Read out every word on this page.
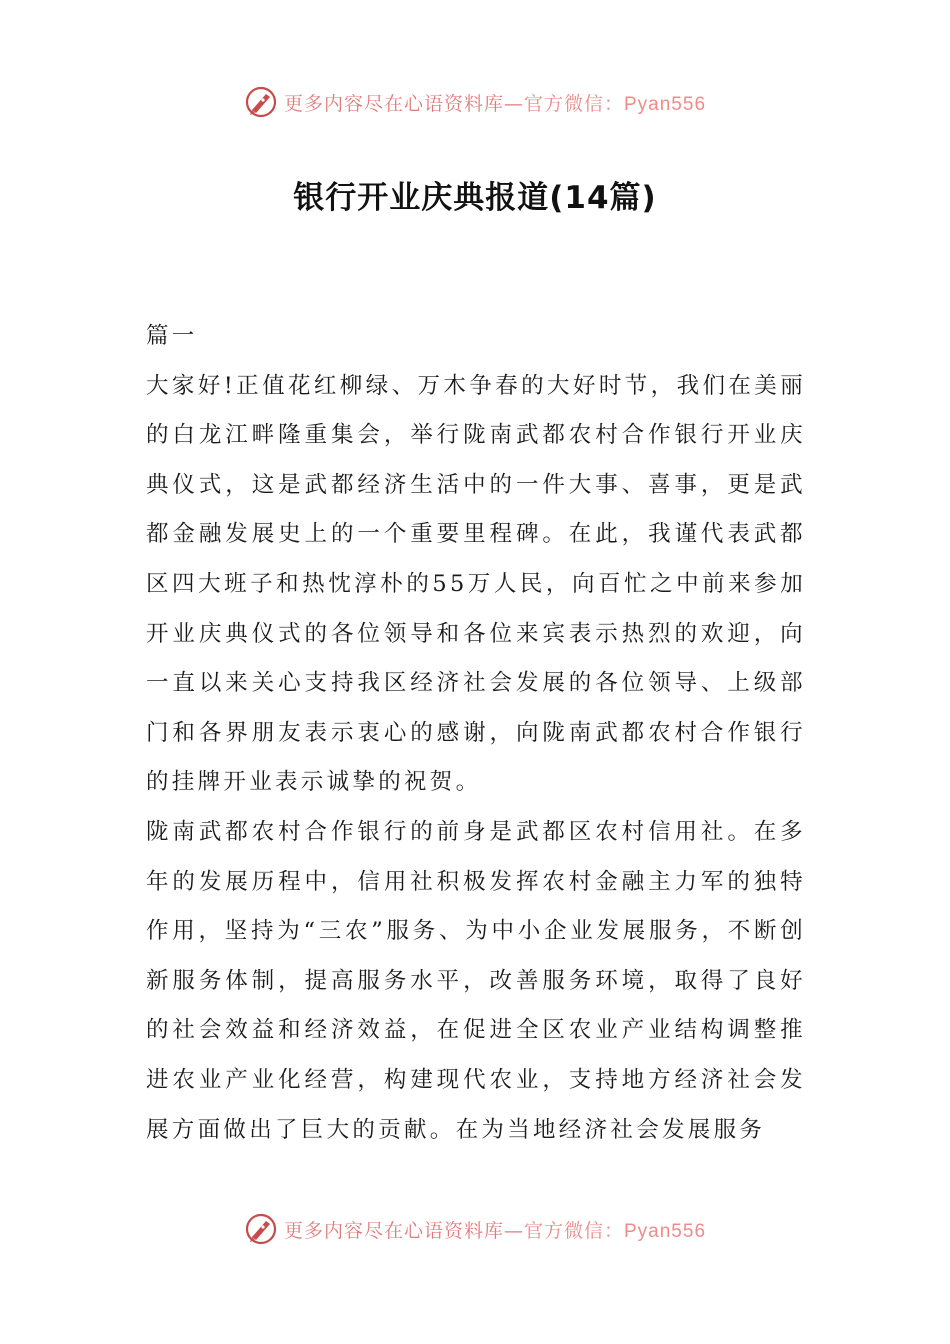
更多内容尽在心语资料库—官方微信：Pyan556
银行开业庆典报道(14篇)

篇一

大家好!正值花红柳绿、万木争春的大好时节，我们在美丽的白龙江畔隆重集会，举行陇南武都农村合作银行开业庆典仪式，这是武都经济生活中的一件大事、喜事，更是武都金融发展史上的一个重要里程碑。在此，我谨代表武都区四大班子和热忱淳朴的55万人民，向百忙之中前来参加开业庆典仪式的各位领导和各位来宾表示热烈的欢迎，向一直以来关心支持我区经济社会发展的各位领导、上级部门和各界朋友表示衷心的感谢，向陇南武都农村合作银行的挂牌开业表示诚挚的祝贺。

陇南武都农村合作银行的前身是武都区农村信用社。在多年的发展历程中，信用社积极发挥农村金融主力军的独特作用，坚持为“三农”服务、为中小企业发展服务，不断创新服务体制，提高服务水平，改善服务环境，取得了良好的社会效益和经济效益，在促进全区农业产业结构调整推进农业产业化经营，构建现代农业，支持地方经济社会发展方面做出了巨大的贡献。在为当地经济社会发展服务

更多内容尽在心语资料库—官方微信：Pyan556
